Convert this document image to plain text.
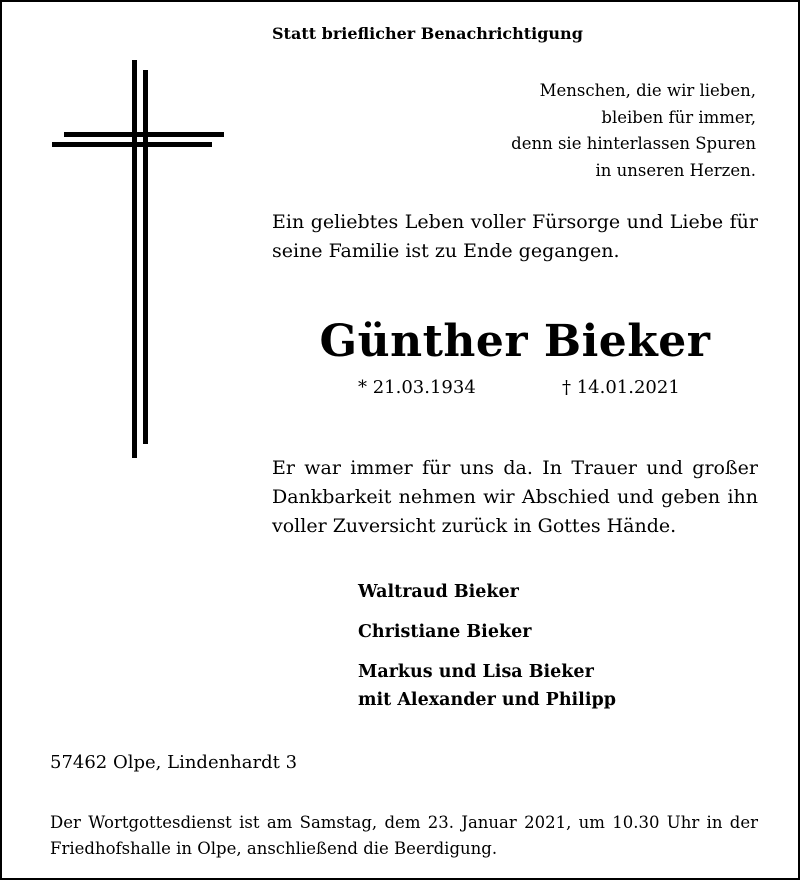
Statt brieflicher Benachrichtigung
Menschen, die wir lieben,
bleiben für immer,
denn sie hinterlassen Spuren
in unseren Herzen.
Ein geliebtes Leben voller Fürsorge und Liebe für seine Familie ist zu Ende gegangen.
Günther Bieker
* 21.03.1934	† 14.01.2021
Er war immer für uns da. In Trauer und großer Dankbarkeit nehmen wir Abschied und geben ihn voller Zuversicht zurück in Gottes Hände.
Waltraud Bieker
Christiane Bieker
Markus und Lisa Bieker
mit Alexander und Philipp
57462 Olpe, Lindenhardt 3
Der Wortgottesdienst ist am Samstag, dem 23. Januar 2021, um 10.30 Uhr in der Friedhofshalle in Olpe, anschließend die Beerdigung.
